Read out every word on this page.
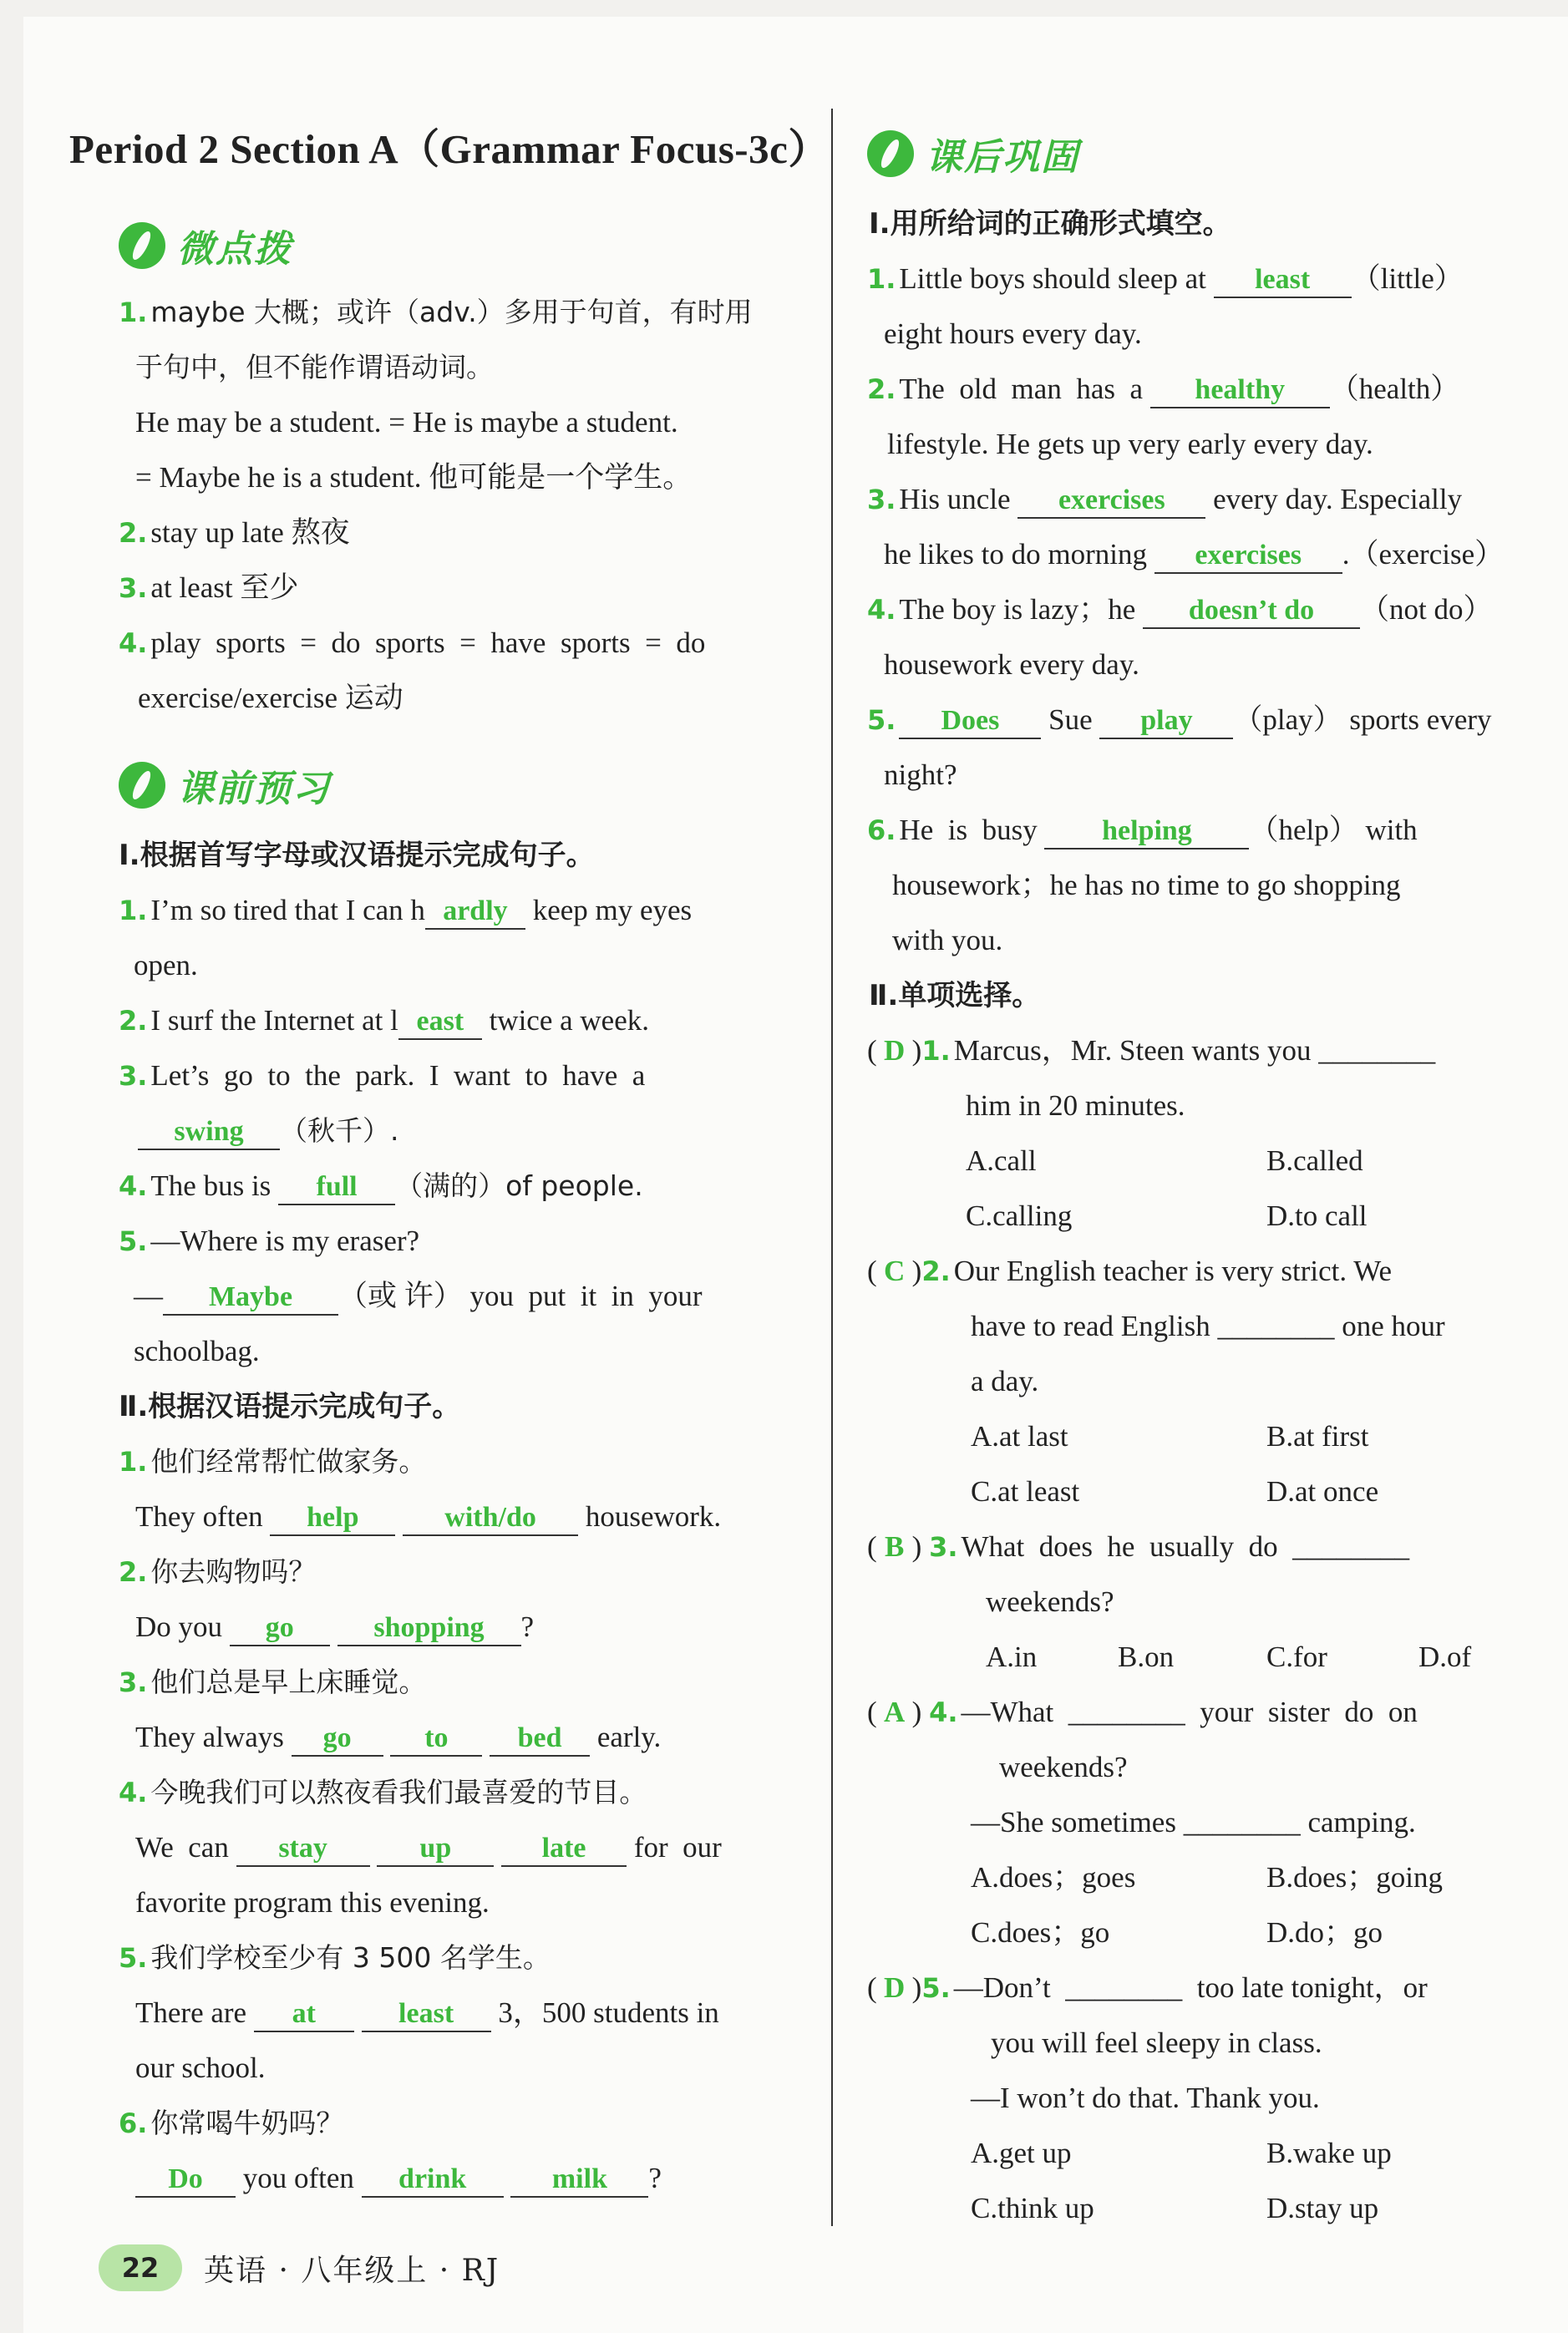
Period 2 Section A（Grammar Focus-3c）
微点拨
1. maybe 大概；或许（adv.）多用于句首，有时用
于句中，但不能作谓语动词。
He may be a student. = He is maybe a student.
= Maybe he is a student. 他可能是一个学生。
2. stay up late 熬夜
3. at least 至少
4. play  sports  =  do  sports  =  have  sports  =  do
exercise/exercise 运动
课前预习
Ⅰ.根据首写字母或汉语提示完成句子。
1. I’m so tired that I can h ardly keep my eyes
open.
2. I surf the Internet at l east twice a week.
3. Let’s  go  to  the  park.  I  want  to  have  a
swing （秋千）.
4. The bus is full （满的）of people.
5. —Where is my eraser?
— Maybe （或 许） you  put  it  in  your
schoolbag.
Ⅱ.根据汉语提示完成句子。
1. 他们经常帮忙做家务。
They often help	with/do housework.
2. 你去购物吗？
Do you go	shopping ?
3. 他们总是早上床睡觉。
They always go	to bed early.
4. 今晚我们可以熬夜看我们最喜爱的节目。
We  can stay	up	late for  our
favorite program this evening.
5. 我们学校至少有 3 500 名学生。
There are at	least 3，500 students in
our school.
6. 你常喝牛奶吗？
Do you often drink	milk ?
课后巩固
Ⅰ.用所给词的正确形式填空。
1. Little boys should sleep at least （little）
eight hours every day.
2. The  old  man  has  a healthy （health）
lifestyle. He gets up very early every day.
3. His uncle exercises every day. Especially
he likes to do morning exercises .（exercise）
4. The boy is lazy；he doesn’t do （not do）
housework every day.
5. Does Sue play （play） sports every
night?
6. He  is  busy helping （help） with
housework；he has no time to go shopping
with you.
Ⅱ.单项选择。
( D )1. Marcus，Mr. Steen wants you ________
him in 20 minutes.
A.call	B.called
C.calling	D.to call
( C )2. Our English teacher is very strict. We
have to read English ________ one hour
a day.
A.at last	B.at first
C.at least	D.at once
( B ) 3. What  does  he  usually  do  ________
weekends?
A.in	B.on	C.for	D.of
( A ) 4. —What  ________  your  sister  do  on
weekends?
—She sometimes ________ camping.
A.does；goes	B.does；going
C.does；go	D.do；go
( D )5. —Don’t  ________  too late tonight，or
you will feel sleepy in class.
—I won’t do that. Thank you.
A.get up	B.wake up
C.think up	D.stay up
22	英语 · 八年级上 · RJ
